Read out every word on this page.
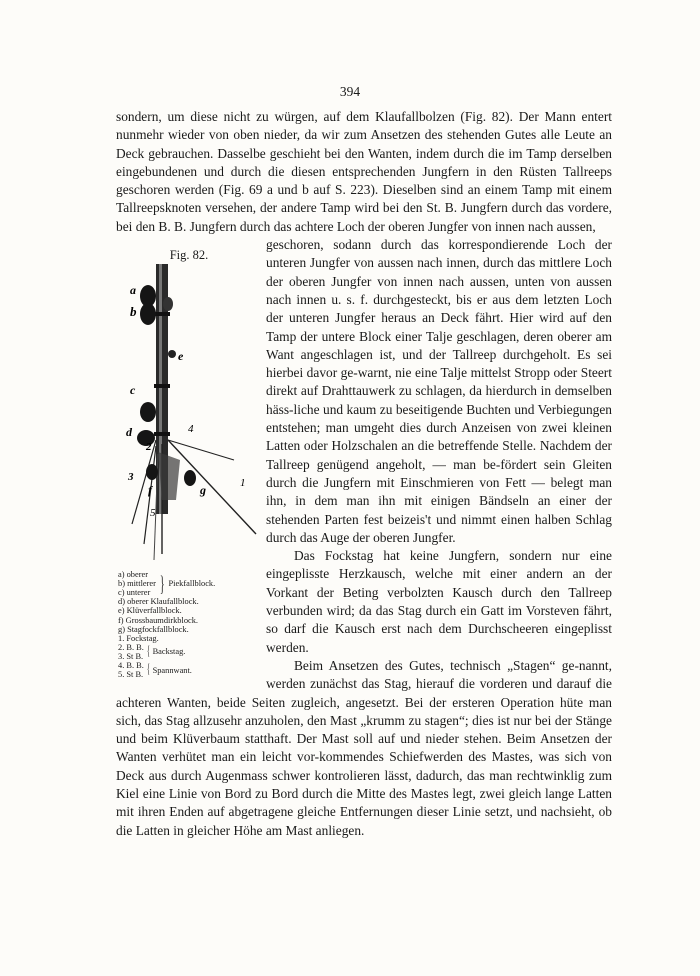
394

sondern, um diese nicht zu würgen, auf dem Klaufallbolzen (Fig. 82). Der Mann entert nunmehr wieder von oben nieder, da wir zum Ansetzen des stehenden Gutes alle Leute an Deck gebrauchen. Dasselbe geschieht bei den Wanten, indem durch die im Tamp derselben eingebundenen und durch die diesen entsprechenden Jungfern in den Rüsten Tallreeps geschoren werden (Fig. 69 a und b auf S. 223). Dieselben sind an einem Tamp mit einem Tallreepsknoten versehen, der andere Tamp wird bei den St. B. Jungfern durch das vordere, bei den B. B. Jungfern durch das achtere Loch der oberen Jungfer von innen nach aussen,

Fig. 82.
a
b
c
d
e
f	g	1
2
3
4
5
a) oberer
b) mittlerer
c) unterer } Piekfallblock.
d) oberer Klaufallblock.
e) Klüverfallblock.
f) Grossbaumdirkblock.
g) Stagfockfallblock.
1. Fockstag.
2. B. B.
3. St B. { Backstag.
4. B. B.
5. St B. { Spannwant.

geschoren, sodann durch das korrespondierende Loch der unteren Jungfer von aussen nach innen, durch das mittlere Loch der oberen Jungfer von innen nach aussen, unten von aussen nach innen u. s. f. durchgesteckt, bis er aus dem letzten Loch der unteren Jungfer heraus an Deck fährt. Hier wird auf den Tamp der untere Block einer Talje geschlagen, deren oberer am Want angeschlagen ist, und der Tallreep durchgeholt. Es sei hierbei davor ge-warnt, nie eine Talje mittelst Stropp oder Steert direkt auf Drahttauwerk zu schlagen, da hierdurch in demselben häss-liche und kaum zu beseitigende Buchten und Verbiegungen entstehen; man umgeht dies durch Anzeisen von zwei kleinen Latten oder Holzschalen an die betreffende Stelle. Nachdem der Tallreep genügend angeholt, — man be-fördert sein Gleiten durch die Jungfern mit Einschmieren von Fett — belegt man ihn, in dem man ihn mit einigen Bändseln an einer der stehenden Parten fest beizeis't und nimmt einen halben Schlag durch das Auge der oberen Jungfer.

Das Fockstag hat keine Jungfern, sondern nur eine eingeplisste Herzkausch, welche mit einer andern an der Vorkant der Beting verbolzten Kausch durch den Tallreep verbunden wird; da das Stag durch ein Gatt im Vorsteven fährt, so darf die Kausch erst nach dem Durchscheeren eingeplisst werden.

Beim Ansetzen des Gutes, technisch „Stagen“ ge-nannt, werden zunächst das Stag, hierauf die vorderen und darauf die achteren Wanten, beide Seiten zugleich, angesetzt. Bei der ersteren Operation hüte man sich, das Stag allzusehr anzuholen, den Mast „krumm zu stagen“; dies ist nur bei der Stänge und beim Klüverbaum statthaft. Der Mast soll auf und nieder stehen. Beim Ansetzen der Wanten verhütet man ein leicht vor-kommendes Schiefwerden des Mastes, was sich von Deck aus durch Augenmass schwer kontrolieren lässt, dadurch, das man rechtwinklig zum Kiel eine Linie von Bord zu Bord durch die Mitte des Mastes legt, zwei gleich lange Latten mit ihren Enden auf abgetragene gleiche Entfernungen dieser Linie setzt, und nachsieht, ob die Latten in gleicher Höhe am Mast anliegen.
